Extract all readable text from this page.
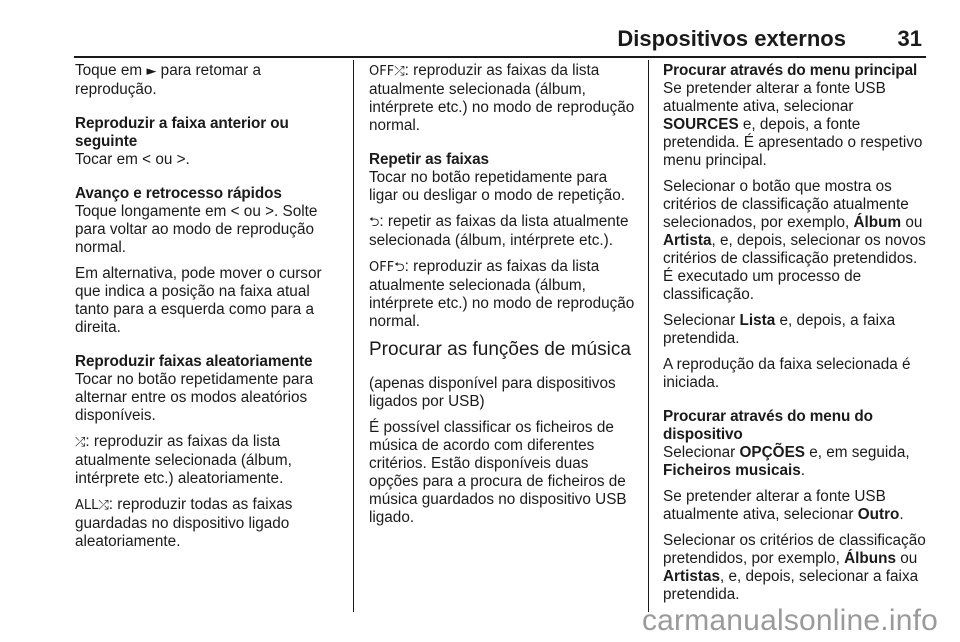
Dispositivos externos 31

Toque em ► para retomar a reprodução.

Reproduzir a faixa anterior ou seguinte

Tocar em < ou >.

Avanço e retrocesso rápidos

Toque longamente em < ou >. Solte para voltar ao modo de reprodução normal.

Em alternativa, pode mover o cursor que indica a posição na faixa atual tanto para a esquerda como para a direita.

Reproduzir faixas aleatoriamente

Tocar no botão repetidamente para alternar entre os modos aleatórios disponíveis.

⤮: reproduzir as faixas da lista atualmente selecionada (álbum, intérprete etc.) aleatoriamente.

ALL⤮: reproduzir todas as faixas guardadas no dispositivo ligado aleatoriamente.

OFF⤮: reproduzir as faixas da lista atualmente selecionada (álbum, intérprete etc.) no modo de reprodução normal.

Repetir as faixas

Tocar no botão repetidamente para ligar ou desligar o modo de repetição.

⮌: repetir as faixas da lista atualmente selecionada (álbum, intérprete etc.).

OFF⮌: reproduzir as faixas da lista atualmente selecionada (álbum, intérprete etc.) no modo de reprodução normal.

Procurar as funções de música

(apenas disponível para dispositivos ligados por USB)

É possível classificar os ficheiros de música de acordo com diferentes critérios. Estão disponíveis duas opções para a procura de ficheiros de música guardados no dispositivo USB ligado.

Procurar através do menu principal

Se pretender alterar a fonte USB atualmente ativa, selecionar SOURCES e, depois, a fonte pretendida. É apresentado o respetivo menu principal.

Selecionar o botão que mostra os critérios de classificação atualmente selecionados, por exemplo, Álbum ou Artista, e, depois, selecionar os novos critérios de classificação pretendidos. É executado um processo de classificação.

Selecionar Lista e, depois, a faixa pretendida.

A reprodução da faixa selecionada é iniciada.

Procurar através do menu do dispositivo

Selecionar OPÇÕES e, em seguida, Ficheiros musicais.

Se pretender alterar a fonte USB atualmente ativa, selecionar Outro.

Selecionar os critérios de classificação pretendidos, por exemplo, Álbuns ou Artistas, e, depois, selecionar a faixa pretendida.

carmanualsonline.info
